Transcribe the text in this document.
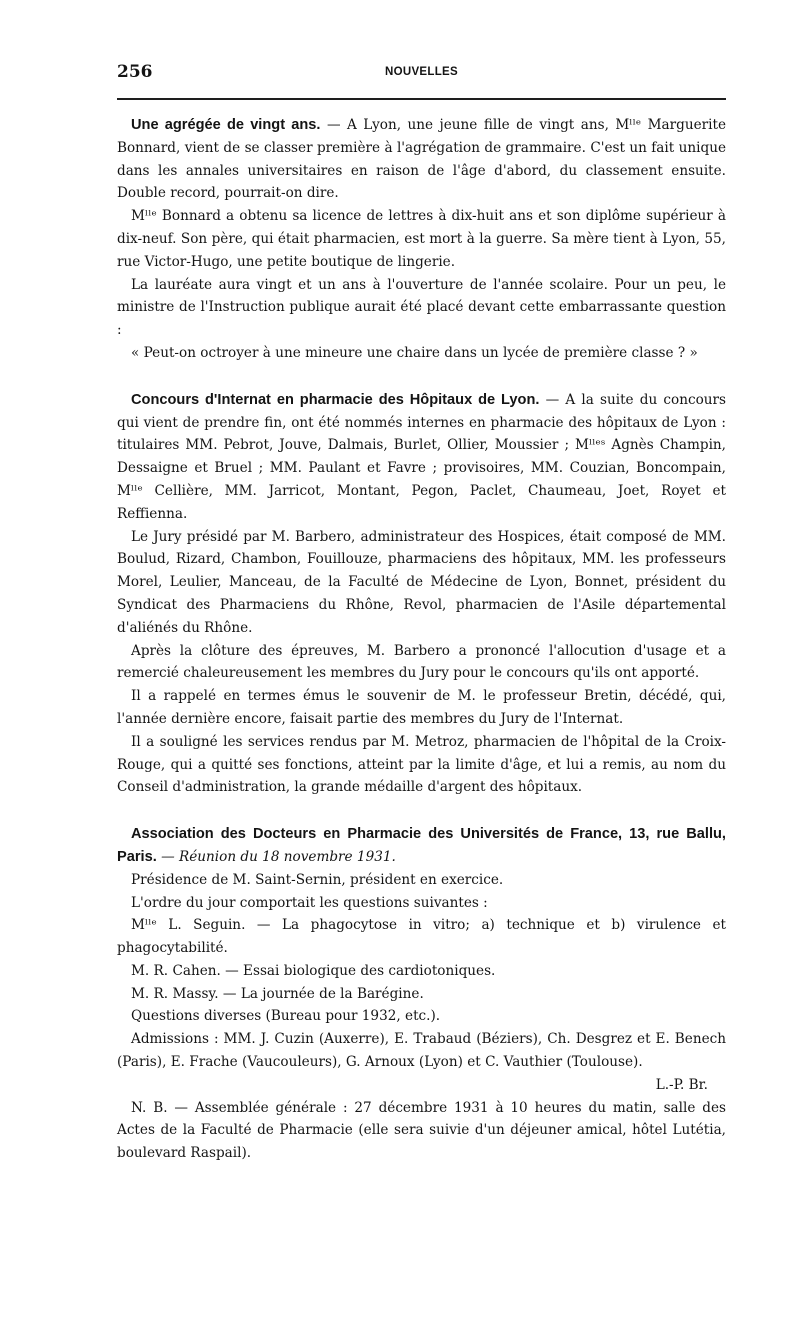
256	NOUVELLES

Une agrégée de vingt ans. — A Lyon, une jeune fille de vingt ans, Mˡˡᵉ Marguerite Bonnard, vient de se classer première à l'agrégation de grammaire. C'est un fait unique dans les annales universitaires en raison de l'âge d'abord, du classement ensuite. Double record, pourrait-on dire.

Mˡˡᵉ Bonnard a obtenu sa licence de lettres à dix-huit ans et son diplôme supérieur à dix-neuf. Son père, qui était pharmacien, est mort à la guerre. Sa mère tient à Lyon, 55, rue Victor-Hugo, une petite boutique de lingerie.

La lauréate aura vingt et un ans à l'ouverture de l'année scolaire. Pour un peu, le ministre de l'Instruction publique aurait été placé devant cette embarrassante question :

« Peut-on octroyer à une mineure une chaire dans un lycée de première classe ? »

Concours d'Internat en pharmacie des Hôpitaux de Lyon. — A la suite du concours qui vient de prendre fin, ont été nommés internes en pharmacie des hôpitaux de Lyon : titulaires MM. Pebrot, Jouve, Dalmais, Burlet, Ollier, Moussier ; Mˡˡᵉˢ Agnès Champin, Dessaigne et Bruel ; MM. Paulant et Favre ; provisoires, MM. Couzian, Boncompain, Mˡˡᵉ Cellière, MM. Jarricot, Montant, Pegon, Paclet, Chaumeau, Joet, Royet et Reffienna.

Le Jury présidé par M. Barbero, administrateur des Hospices, était composé de MM. Boulud, Rizard, Chambon, Fouillouze, pharmaciens des hôpitaux, MM. les professeurs Morel, Leulier, Manceau, de la Faculté de Médecine de Lyon, Bonnet, président du Syndicat des Pharmaciens du Rhône, Revol, pharmacien de l'Asile départemental d'aliénés du Rhône.

Après la clôture des épreuves, M. Barbero a prononcé l'allocution d'usage et a remercié chaleureusement les membres du Jury pour le concours qu'ils ont apporté.

Il a rappelé en termes émus le souvenir de M. le professeur Bretin, décédé, qui, l'année dernière encore, faisait partie des membres du Jury de l'Internat.

Il a souligné les services rendus par M. Metroz, pharmacien de l'hôpital de la Croix-Rouge, qui a quitté ses fonctions, atteint par la limite d'âge, et lui a remis, au nom du Conseil d'administration, la grande médaille d'argent des hôpitaux.

Association des Docteurs en Pharmacie des Universités de France, 13, rue Ballu, Paris. — Réunion du 18 novembre 1931.

Présidence de M. Saint-Sernin, président en exercice.

L'ordre du jour comportait les questions suivantes :

Mˡˡᵉ L. Seguin. — La phagocytose in vitro; a) technique et b) virulence et phagocytabilité.

M. R. Cahen. — Essai biologique des cardiotoniques.

M. R. Massy. — La journée de la Barégine.

Questions diverses (Bureau pour 1932, etc.).

Admissions : MM. J. Cuzin (Auxerre), E. Trabaud (Béziers), Ch. Desgrez et E. Benech (Paris), E. Frache (Vaucouleurs), G. Arnoux (Lyon) et C. Vauthier (Toulouse).

L.-P. Br.

N. B. — Assemblée générale : 27 décembre 1931 à 10 heures du matin, salle des Actes de la Faculté de Pharmacie (elle sera suivie d'un déjeuner amical, hôtel Lutétia, boulevard Raspail).
